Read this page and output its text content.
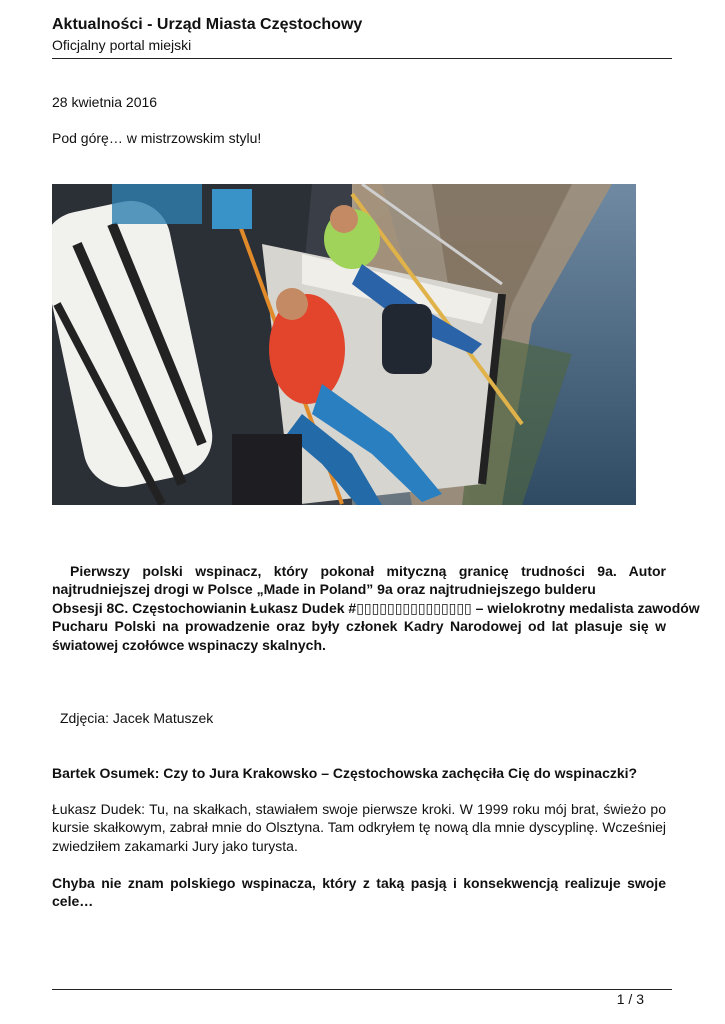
Aktualności - Urząd Miasta Częstochowy
Oficjalny portal miejski
28 kwietnia 2016
Pod górę… w mistrzowskim stylu!
Pierwszy polski wspinacz, który pokonał mityczną granicę trudności 9a. Autor najtrudniejszej drogi w Polsce „Made in Poland” 9a oraz najtrudniejszego bulderu
Obsesji 8C. Częstochowianin Łukasz Dudek #▯▯▯▯▯▯▯▯▯▯▯▯▯▯▯ – wielokrotny medalista zawodów
Pucharu Polski na prowadzenie oraz były członek Kadry Narodowej od lat plasuje się w światowej czołówce wspinaczy skalnych.
Zdjęcia: Jacek Matuszek
Bartek Osumek: Czy to Jura Krakowsko – Częstochowska zachęciła Cię do wspinaczki?
Łukasz Dudek: Tu, na skałkach, stawiałem swoje pierwsze kroki. W 1999 roku mój brat, świeżo po kursie skałkowym, zabrał mnie do Olsztyna. Tam odkryłem tę nową dla mnie dyscyplinę. Wcześniej zwiedziłem zakamarki Jury jako turysta.
Chyba nie znam polskiego wspinacza, który z taką pasją i konsekwencją realizuje swoje cele…
1 / 3
